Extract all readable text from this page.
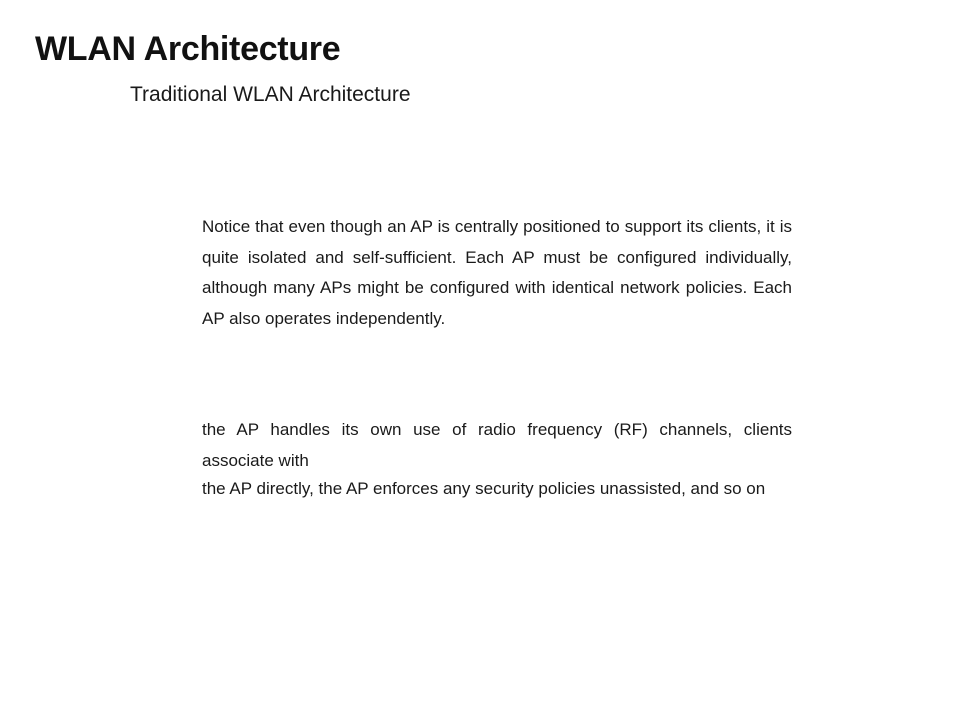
WLAN Architecture
Traditional WLAN Architecture

Notice that even though an AP is centrally positioned to support its clients, it is quite isolated and self-sufficient. Each AP must be configured individually, although many APs might be configured with identical network policies. Each AP also operates independently.

the AP handles its own use of radio frequency (RF) channels, clients associate with

the AP directly, the AP enforces any security policies unassisted, and so on
